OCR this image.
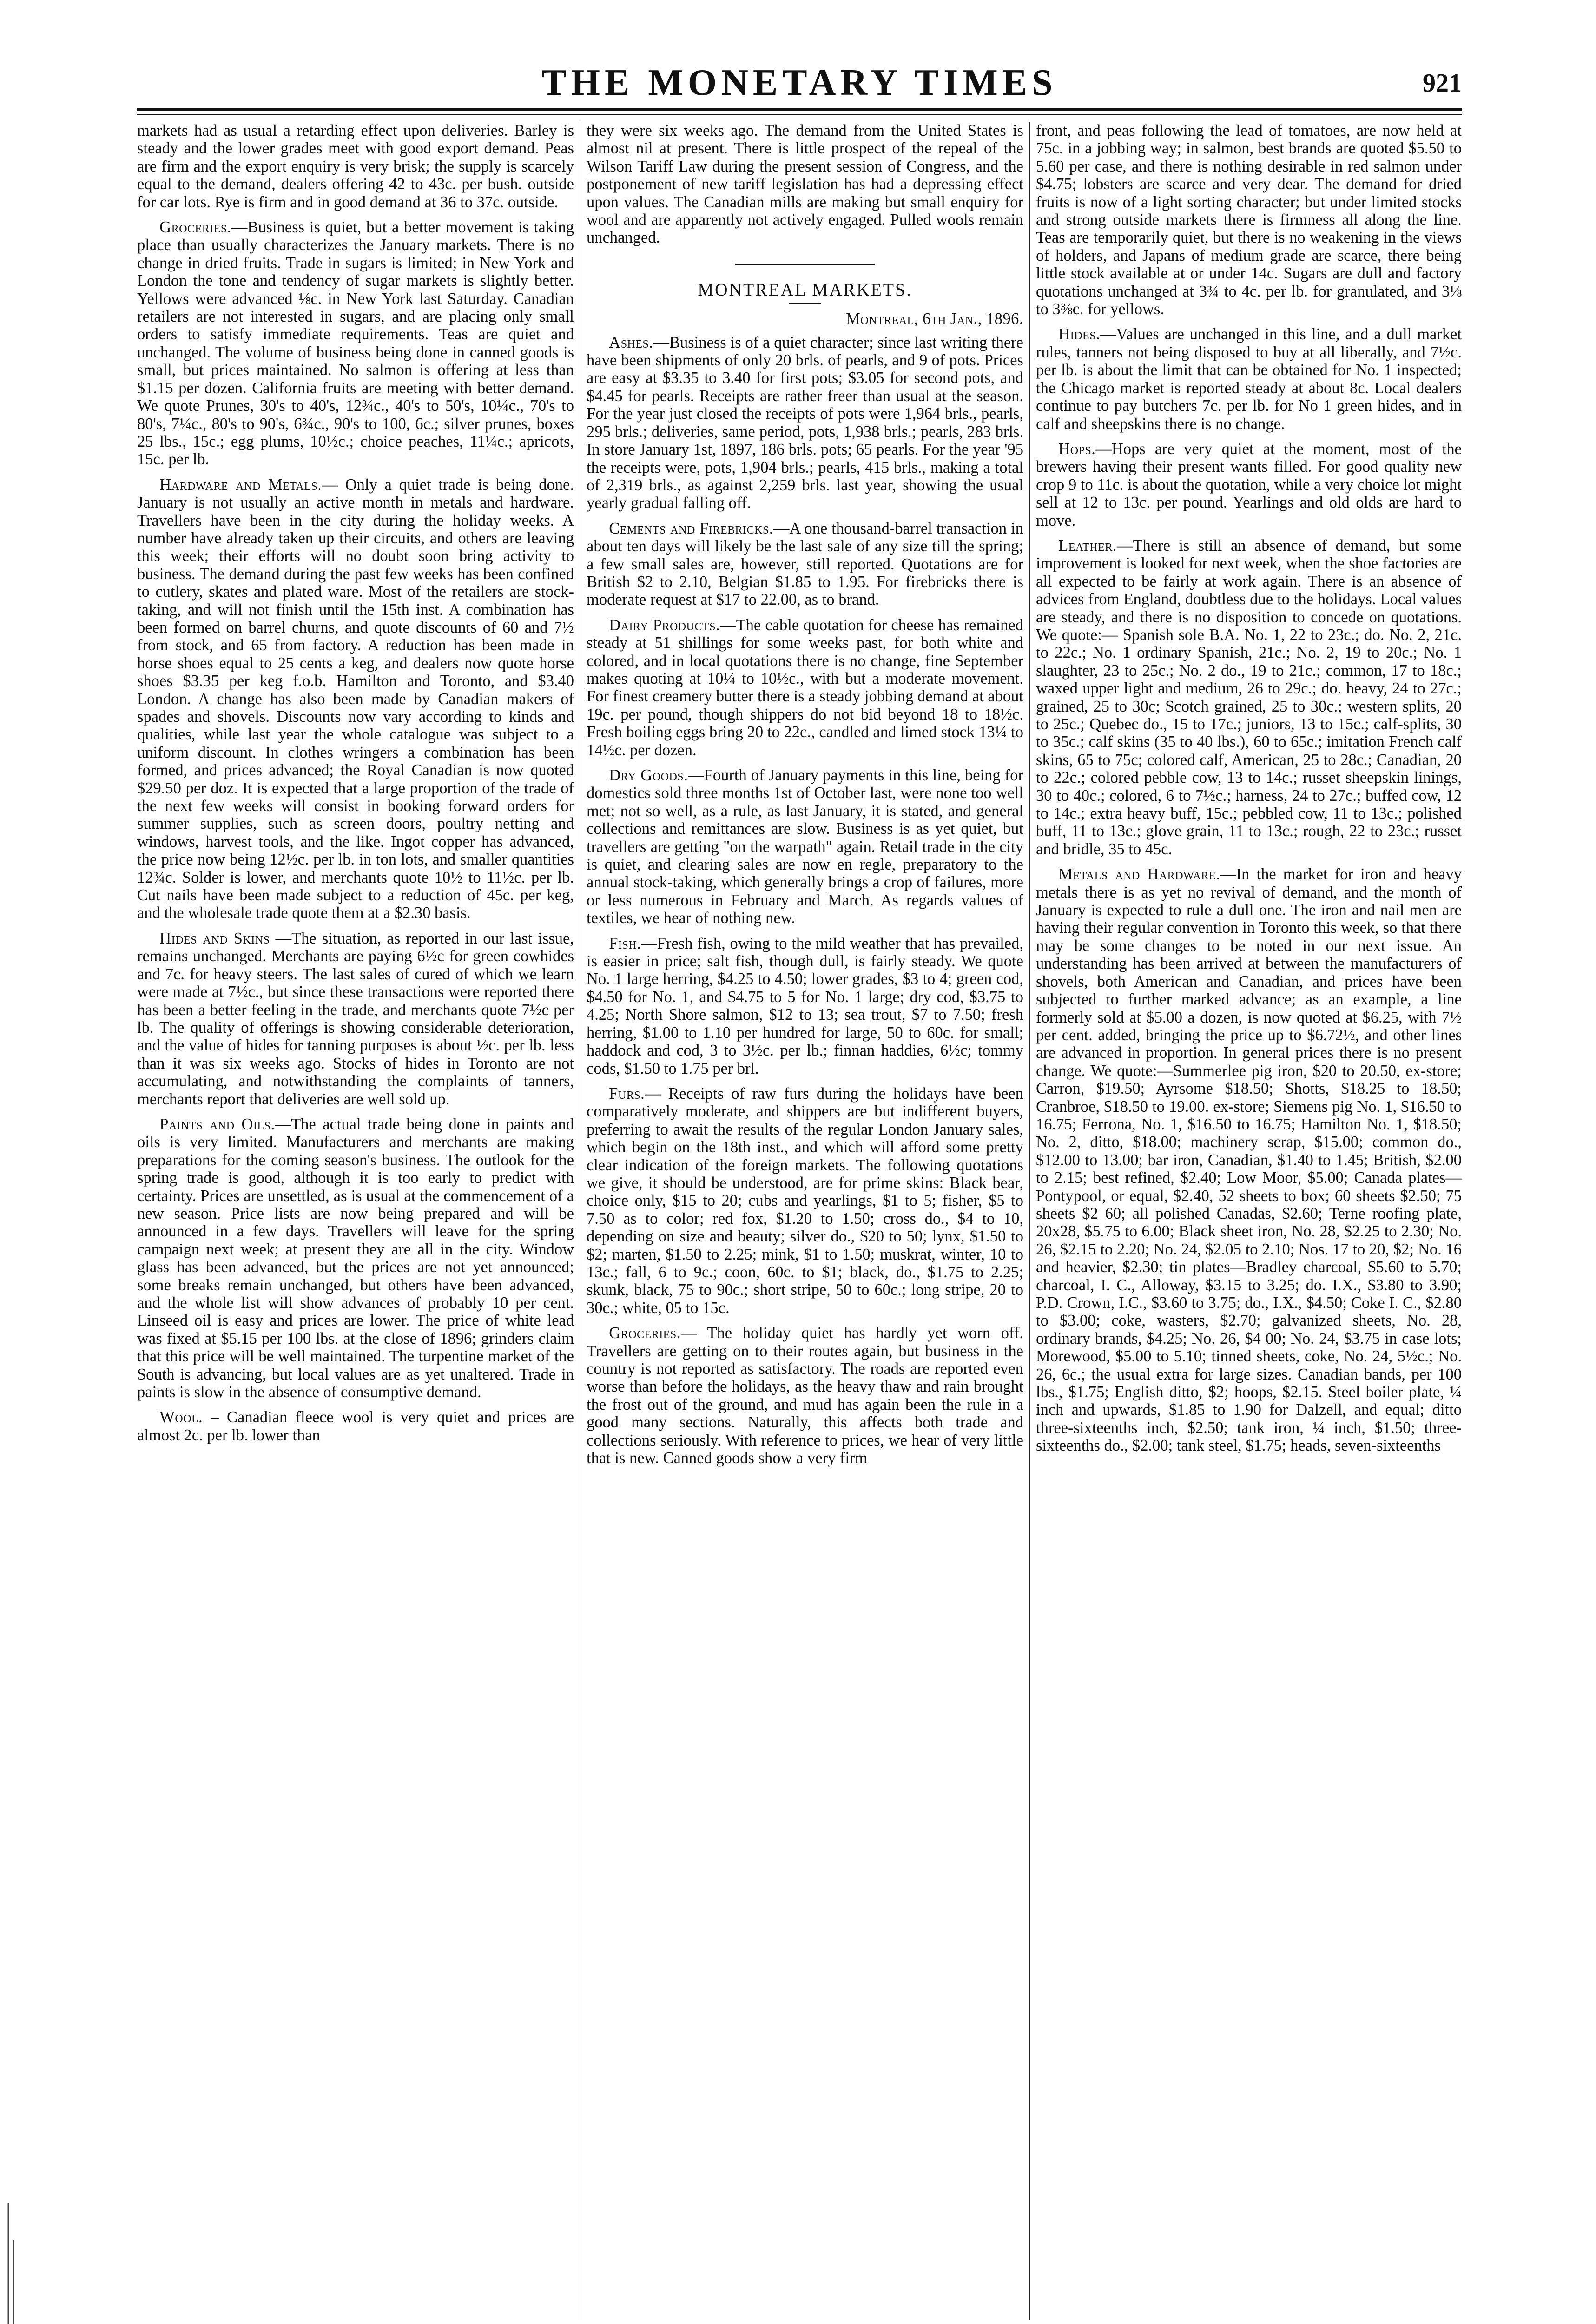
THE MONETARY TIMES	921

markets had as usual a retarding effect upon deliveries. Barley is steady and the lower grades meet with good export demand. Peas are firm and the export enquiry is very brisk; the supply is scarcely equal to the demand, dealers offering 42 to 43c. per bush. outside for car lots. Rye is firm and in good demand at 36 to 37c. outside.

Groceries.—Business is quiet, but a better movement is taking place than usually characterizes the January markets. There is no change in dried fruits. Trade in sugars is limited; in New York and London the tone and tendency of sugar markets is slightly better. Yellows were advanced ⅛c. in New York last Saturday. Canadian retailers are not interested in sugars, and are placing only small orders to satisfy immediate requirements. Teas are quiet and unchanged. The volume of business being done in canned goods is small, but prices maintained. No salmon is offering at less than $1.15 per dozen. California fruits are meeting with better demand. We quote Prunes, 30's to 40's, 12¾c., 40's to 50's, 10¼c., 70's to 80's, 7¼c., 80's to 90's, 6¾c., 90's to 100, 6c.; silver prunes, boxes 25 lbs., 15c.; egg plums, 10½c.; choice peaches, 11¼c.; apricots, 15c. per lb.

Hardware and Metals.— Only a quiet trade is being done. January is not usually an active month in metals and hardware. Travellers have been in the city during the holiday weeks. A number have already taken up their circuits, and others are leaving this week; their efforts will no doubt soon bring activity to business. The demand during the past few weeks has been confined to cutlery, skates and plated ware. Most of the retailers are stock-taking, and will not finish until the 15th inst. A combination has been formed on barrel churns, and quote discounts of 60 and 7½ from stock, and 65 from factory. A reduction has been made in horse shoes equal to 25 cents a keg, and dealers now quote horse shoes $3.35 per keg f.o.b. Hamilton and Toronto, and $3.40 London. A change has also been made by Canadian makers of spades and shovels. Discounts now vary according to kinds and qualities, while last year the whole catalogue was subject to a uniform discount. In clothes wringers a combination has been formed, and prices advanced; the Royal Canadian is now quoted $29.50 per doz. It is expected that a large proportion of the trade of the next few weeks will consist in booking forward orders for summer supplies, such as screen doors, poultry netting and windows, harvest tools, and the like. Ingot copper has advanced, the price now being 12½c. per lb. in ton lots, and smaller quantities 12¾c. Solder is lower, and merchants quote 10½ to 11½c. per lb. Cut nails have been made subject to a reduction of 45c. per keg, and the wholesale trade quote them at a $2.30 basis.

Hides and Skins —The situation, as reported in our last issue, remains unchanged. Merchants are paying 6½c for green cowhides and 7c. for heavy steers. The last sales of cured of which we learn were made at 7½c., but since these transactions were reported there has been a better feeling in the trade, and merchants quote 7½c per lb. The quality of offerings is showing considerable deterioration, and the value of hides for tanning purposes is about ½c. per lb. less than it was six weeks ago. Stocks of hides in Toronto are not accumulating, and notwithstanding the complaints of tanners, merchants report that deliveries are well sold up.

Paints and Oils.—The actual trade being done in paints and oils is very limited. Manufacturers and merchants are making preparations for the coming season's business. The outlook for the spring trade is good, although it is too early to predict with certainty. Prices are unsettled, as is usual at the commencement of a new season. Price lists are now being prepared and will be announced in a few days. Travellers will leave for the spring campaign next week; at present they are all in the city. Window glass has been advanced, but the prices are not yet announced; some breaks remain unchanged, but others have been advanced, and the whole list will show advances of probably 10 per cent. Linseed oil is easy and prices are lower. The price of white lead was fixed at $5.15 per 100 lbs. at the close of 1896; grinders claim that this price will be well maintained. The turpentine market of the South is advancing, but local values are as yet unaltered. Trade in paints is slow in the absence of consumptive demand.

Wool. – Canadian fleece wool is very quiet and prices are almost 2c. per lb. lower than

they were six weeks ago. The demand from the United States is almost nil at present. There is little prospect of the repeal of the Wilson Tariff Law during the present session of Congress, and the postponement of new tariff legislation has had a depressing effect upon values. The Canadian mills are making but small enquiry for wool and are apparently not actively engaged. Pulled wools remain unchanged.

MONTREAL MARKETS.
Montreal, 6th Jan., 1896.

Ashes.—Business is of a quiet character; since last writing there have been shipments of only 20 brls. of pearls, and 9 of pots. Prices are easy at $3.35 to 3.40 for first pots; $3.05 for second pots, and $4.45 for pearls. Receipts are rather freer than usual at the season. For the year just closed the receipts of pots were 1,964 brls., pearls, 295 brls.; deliveries, same period, pots, 1,938 brls.; pearls, 283 brls. In store January 1st, 1897, 186 brls. pots; 65 pearls. For the year '95 the receipts were, pots, 1,904 brls.; pearls, 415 brls., making a total of 2,319 brls., as against 2,259 brls. last year, showing the usual yearly gradual falling off.

Cements and Firebricks.—A one thousand-barrel transaction in about ten days will likely be the last sale of any size till the spring; a few small sales are, however, still reported. Quotations are for British $2 to 2.10, Belgian $1.85 to 1.95. For firebricks there is moderate request at $17 to 22.00, as to brand.

Dairy Products.—The cable quotation for cheese has remained steady at 51 shillings for some weeks past, for both white and colored, and in local quotations there is no change, fine September makes quoting at 10¼ to 10½c., with but a moderate movement. For finest creamery butter there is a steady jobbing demand at about 19c. per pound, though shippers do not bid beyond 18 to 18½c. Fresh boiling eggs bring 20 to 22c., candled and limed stock 13¼ to 14½c. per dozen.

Dry Goods.—Fourth of January payments in this line, being for domestics sold three months 1st of October last, were none too well met; not so well, as a rule, as last January, it is stated, and general collections and remittances are slow. Business is as yet quiet, but travellers are getting "on the warpath" again. Retail trade in the city is quiet, and clearing sales are now en regle, preparatory to the annual stock-taking, which generally brings a crop of failures, more or less numerous in February and March. As regards values of textiles, we hear of nothing new.

Fish.—Fresh fish, owing to the mild weather that has prevailed, is easier in price; salt fish, though dull, is fairly steady. We quote No. 1 large herring, $4.25 to 4.50; lower grades, $3 to 4; green cod, $4.50 for No. 1, and $4.75 to 5 for No. 1 large; dry cod, $3.75 to 4.25; North Shore salmon, $12 to 13; sea trout, $7 to 7.50; fresh herring, $1.00 to 1.10 per hundred for large, 50 to 60c. for small; haddock and cod, 3 to 3½c. per lb.; finnan haddies, 6½c; tommy cods, $1.50 to 1.75 per brl.

Furs.— Receipts of raw furs during the holidays have been comparatively moderate, and shippers are but indifferent buyers, preferring to await the results of the regular London January sales, which begin on the 18th inst., and which will afford some pretty clear indication of the foreign markets. The following quotations we give, it should be understood, are for prime skins: Black bear, choice only, $15 to 20; cubs and yearlings, $1 to 5; fisher, $5 to 7.50 as to color; red fox, $1.20 to 1.50; cross do., $4 to 10, depending on size and beauty; silver do., $20 to 50; lynx, $1.50 to $2; marten, $1.50 to 2.25; mink, $1 to 1.50; muskrat, winter, 10 to 13c.; fall, 6 to 9c.; coon, 60c. to $1; black, do., $1.75 to 2.25; skunk, black, 75 to 90c.; short stripe, 50 to 60c.; long stripe, 20 to 30c.; white, 05 to 15c.

Groceries.— The holiday quiet has hardly yet worn off. Travellers are getting on to their routes again, but business in the country is not reported as satisfactory. The roads are reported even worse than before the holidays, as the heavy thaw and rain brought the frost out of the ground, and mud has again been the rule in a good many sections. Naturally, this affects both trade and collections seriously. With reference to prices, we hear of very little that is new. Canned goods show a very firm

front, and peas following the lead of tomatoes, are now held at 75c. in a jobbing way; in salmon, best brands are quoted $5.50 to 5.60 per case, and there is nothing desirable in red salmon under $4.75; lobsters are scarce and very dear. The demand for dried fruits is now of a light sorting character; but under limited stocks and strong outside markets there is firmness all along the line. Teas are temporarily quiet, but there is no weakening in the views of holders, and Japans of medium grade are scarce, there being little stock available at or under 14c. Sugars are dull and factory quotations unchanged at 3¾ to 4c. per lb. for granulated, and 3⅛ to 3⅜c. for yellows.

Hides.—Values are unchanged in this line, and a dull market rules, tanners not being disposed to buy at all liberally, and 7½c. per lb. is about the limit that can be obtained for No. 1 inspected; the Chicago market is reported steady at about 8c. Local dealers continue to pay butchers 7c. per lb. for No 1 green hides, and in calf and sheepskins there is no change.

Hops.—Hops are very quiet at the moment, most of the brewers having their present wants filled. For good quality new crop 9 to 11c. is about the quotation, while a very choice lot might sell at 12 to 13c. per pound. Yearlings and old olds are hard to move.

Leather.—There is still an absence of demand, but some improvement is looked for next week, when the shoe factories are all expected to be fairly at work again. There is an absence of advices from England, doubtless due to the holidays. Local values are steady, and there is no disposition to concede on quotations. We quote:— Spanish sole B.A. No. 1, 22 to 23c.; do. No. 2, 21c. to 22c.; No. 1 ordinary Spanish, 21c.; No. 2, 19 to 20c.; No. 1 slaughter, 23 to 25c.; No. 2 do., 19 to 21c.; common, 17 to 18c.; waxed upper light and medium, 26 to 29c.; do. heavy, 24 to 27c.; grained, 25 to 30c; Scotch grained, 25 to 30c.; western splits, 20 to 25c.; Quebec do., 15 to 17c.; juniors, 13 to 15c.; calf-splits, 30 to 35c.; calf skins (35 to 40 lbs.), 60 to 65c.; imitation French calf skins, 65 to 75c; colored calf, American, 25 to 28c.; Canadian, 20 to 22c.; colored pebble cow, 13 to 14c.; russet sheepskin linings, 30 to 40c.; colored, 6 to 7½c.; harness, 24 to 27c.; buffed cow, 12 to 14c.; extra heavy buff, 15c.; pebbled cow, 11 to 13c.; polished buff, 11 to 13c.; glove grain, 11 to 13c.; rough, 22 to 23c.; russet and bridle, 35 to 45c.

Metals and Hardware.—In the market for iron and heavy metals there is as yet no revival of demand, and the month of January is expected to rule a dull one. The iron and nail men are having their regular convention in Toronto this week, so that there may be some changes to be noted in our next issue. An understanding has been arrived at between the manufacturers of shovels, both American and Canadian, and prices have been subjected to further marked advance; as an example, a line formerly sold at $5.00 a dozen, is now quoted at $6.25, with 7½ per cent. added, bringing the price up to $6.72½, and other lines are advanced in proportion. In general prices there is no present change. We quote:—Summerlee pig iron, $20 to 20.50, ex-store; Carron, $19.50; Ayrsome $18.50; Shotts, $18.25 to 18.50; Cranbroe, $18.50 to 19.00. ex-store; Siemens pig No. 1, $16.50 to 16.75; Ferrona, No. 1, $16.50 to 16.75; Hamilton No. 1, $18.50; No. 2, ditto, $18.00; machinery scrap, $15.00; common do., $12.00 to 13.00; bar iron, Canadian, $1.40 to 1.45; British, $2.00 to 2.15; best refined, $2.40; Low Moor, $5.00; Canada plates—Pontypool, or equal, $2.40, 52 sheets to box; 60 sheets $2.50; 75 sheets $2 60; all polished Canadas, $2.60; Terne roofing plate, 20x28, $5.75 to 6.00; Black sheet iron, No. 28, $2.25 to 2.30; No. 26, $2.15 to 2.20; No. 24, $2.05 to 2.10; Nos. 17 to 20, $2; No. 16 and heavier, $2.30; tin plates—Bradley charcoal, $5.60 to 5.70; charcoal, I. C., Alloway, $3.15 to 3.25; do. I.X., $3.80 to 3.90; P.D. Crown, I.C., $3.60 to 3.75; do., I.X., $4.50; Coke I. C., $2.80 to $3.00; coke, wasters, $2.70; galvanized sheets, No. 28, ordinary brands, $4.25; No. 26, $4 00; No. 24, $3.75 in case lots; Morewood, $5.00 to 5.10; tinned sheets, coke, No. 24, 5½c.; No. 26, 6c.; the usual extra for large sizes. Canadian bands, per 100 lbs., $1.75; English ditto, $2; hoops, $2.15. Steel boiler plate, ¼ inch and upwards, $1.85 to 1.90 for Dalzell, and equal; ditto three-sixteenths inch, $2.50; tank iron, ¼ inch, $1.50; three-sixteenths do., $2.00; tank steel, $1.75; heads, seven-sixteenths
